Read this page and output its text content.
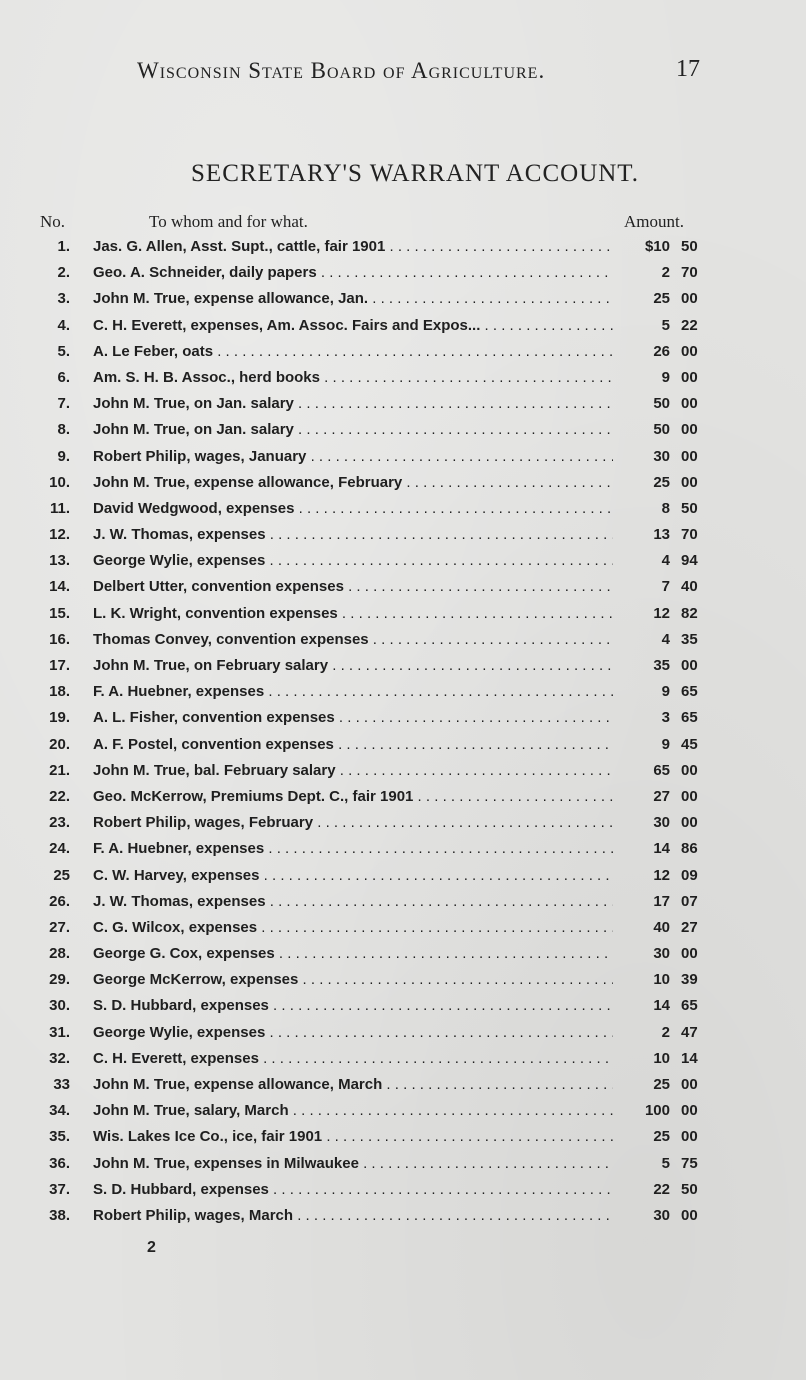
Wisconsin State Board of Agriculture.	17
SECRETARY'S WARRANT ACCOUNT.
No.	To whom and for what.	Amount.
1. Jas. G. Allen, Asst. Supt., cattle, fair 1901 . . .	$10 50
2. Geo. A. Schneider, daily papers . . .	2 70
3. John M. True, expense allowance, Jan. . . .	25 00
4. C. H. Everett, expenses, Am. Assoc. Fairs and Expos... . . .	5 22
5. A. Le Feber, oats . . .	26 00
6. Am. S. H. B. Assoc., herd books . . .	9 00
7. John M. True, on Jan. salary . . .	50 00
8. John M. True, on Jan. salary . . .	50 00
9. Robert Philip, wages, January . . .	30 00
10. John M. True, expense allowance, February . . .	25 00
11. David Wedgwood, expenses . . .	8 50
12. J. W. Thomas, expenses . . .	13 70
13. George Wylie, expenses . . .	4 94
14. Delbert Utter, convention expenses . . .	7 40
15. L. K. Wright, convention expenses . . .	12 82
16. Thomas Convey, convention expenses . . .	4 35
17. John M. True, on February salary . . .	35 00
18. F. A. Huebner, expenses . . .	9 65
19. A. L. Fisher, convention expenses . . .	3 65
20. A. F. Postel, convention expenses . . .	9 45
21. John M. True, bal. February salary . . .	65 00
22. Geo. McKerrow, Premiums Dept. C., fair 1901 . . .	27 00
23. Robert Philip, wages, February . . .	30 00
24. F. A. Huebner, expenses . . .	14 86
25 C. W. Harvey, expenses . . .	12 09
26. J. W. Thomas, expenses . . .	17 07
27. C. G. Wilcox, expenses . . .	40 27
28. George G. Cox, expenses . . .	30 00
29. George McKerrow, expenses . . .	10 39
30. S. D. Hubbard, expenses . . .	14 65
31. George Wylie, expenses . . .	2 47
32. C. H. Everett, expenses . . .	10 14
33 John M. True, expense allowance, March . . .	25 00
34. John M. True, salary, March . . .	100 00
35. Wis. Lakes Ice Co., ice, fair 1901 . . .	25 00
36. John M. True, expenses in Milwaukee . . .	5 75
37. S. D. Hubbard, expenses . . .	22 50
38. Robert Philip, wages, March . . .	30 00
2
